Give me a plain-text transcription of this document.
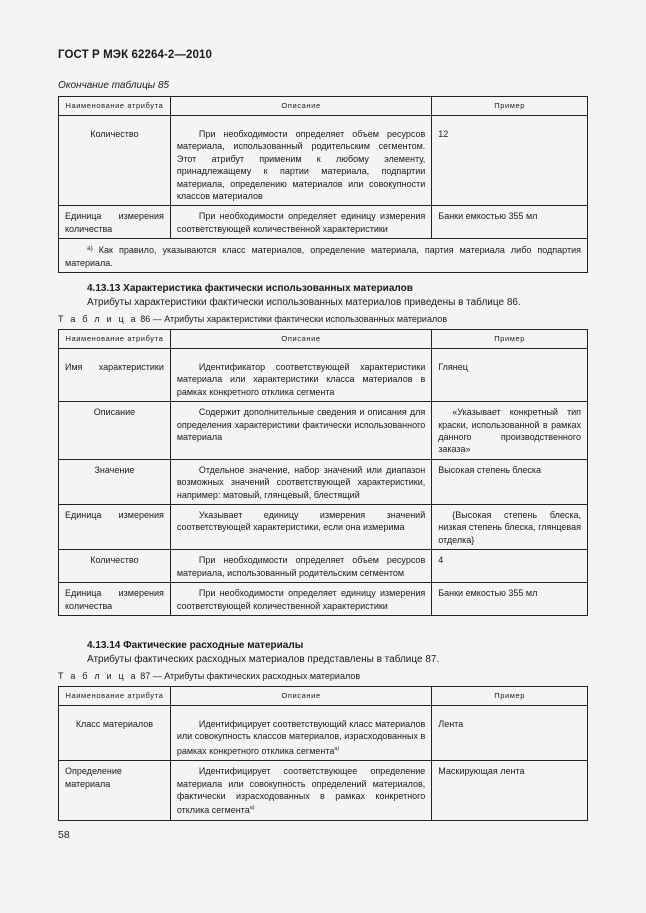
ГОСТ Р МЭК 62264-2—2010
Окончание таблицы 85
Наименование атрибута	Описание	Пример

Количество	При необходимости определяет объем ресурсов материала, использованный родительским сегментом. Этот атрибут применим к любому элементу, принадлежащему к партии материала, подпартии материала, определению материалов или совокупности классов материалов	12
Единица измерения количества	При необходимости определяет единицу измерения соответствующей количественной характеристики	Банки емкостью 355 мл
$^{а)}$ Как правило, указываются класс материалов, определение материала, партия материала либо подпартия материала.		
4.13.13 Характеристика фактически использованных материалов
Атрибуты характеристики фактически использованных материалов приведены в таблице 86.
Т а б л и ц а 86 — Атрибуты характеристики фактически использованных материалов
Наименование атрибута	Описание	Пример

Имя характеристики	Идентификатор соответствующей характеристики материала или характеристики класса материалов в рамках конкретного отклика сегмента	Глянец
Описание	Содержит дополнительные сведения и описания для определения характеристики фактически использованного материала	«Указывает конкретный тип краски, использованной в рамках данного производственного заказа»
Значение	Отдельное значение, набор значений или диапазон возможных значений соответствующей характеристики, например: матовый, глянцевый, блестящий	Высокая степень блеска
Единица измерения	Указывает единицу измерения значений соответствующей характеристики, если она измерима	{Высокая степень блеска, низкая степень блеска, глянцевая отделка}
Количество	При необходимости определяет объем ресурсов материала, использованный родительским сегментом	4
Единица измерения количества	При необходимости определяет единицу измерения соответствующей количественной характеристики	Банки емкостью 355 мл
4.13.14 Фактические расходные материалы
Атрибуты фактических расходных материалов представлены в таблице 87.
Т а б л и ц а 87 — Атрибуты фактических расходных материалов
Наименование атрибута	Описание	Пример

Класс материалов	Идентифицирует соответствующий класс материалов или совокупность классов материалов, израсходованных в рамках конкретного отклика сегмента$^{а)}$	Лента
Определение материала	Идентифицирует соответствующее определение материала или совокупность определений материалов, фактически израсходованных в рамках конкретного отклика сегмента$^{а)}$	Маскирующая лента
58
